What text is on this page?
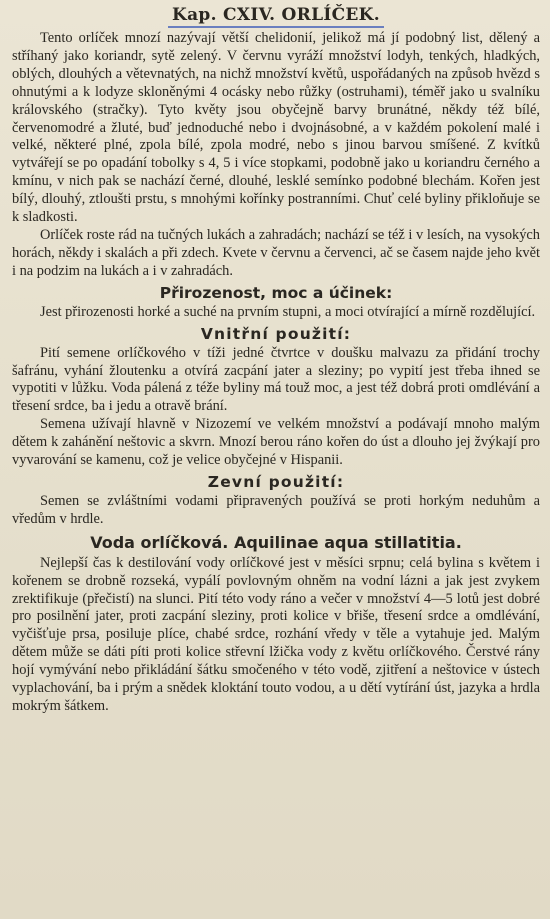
Kap. CXIV. ORLÍČEK.

Tento orlíček mnozí nazývají větší chelidonií, jelikož má jí podobný list, dělený a stříhaný jako koriandr, sytě zelený. V červnu vyráží množství lodyh, tenkých, hladkých, oblých, dlouhých a větevnatých, na nichž množství květů, uspořádaných na způsob hvězd s ohnutými a k lodyze skloněnými 4 ocásky nebo růžky (ostruhami), téměř jako u svalníku královského (stračky). Tyto květy jsou obyčejně barvy brunátné, někdy též bílé, červenomodré a žluté, buď jednoduché nebo i dvojnásobné, a v každém pokolení malé i velké, některé plné, zpola bílé, zpola modré, nebo s jinou barvou smíšené. Z kvítků vytvářejí se po opadání tobolky s 4, 5 i více stopkami, podobně jako u koriandru černého a kmínu, v nich pak se nachází černé, dlouhé, lesklé semínko podobné blechám. Kořen jest bílý, dlouhý, ztloušti prstu, s mnohými kořínky postranními. Chuť celé byliny přikloňuje se k sladkosti.

Orlíček roste rád na tučných lukách a zahradách; nachází se též i v lesích, na vysokých horách, někdy i skalách a při zdech. Kvete v červnu a červenci, ač se časem najde jeho květ i na podzim na lukách a i v zahradách.

Přirozenost, moc a účinek:

Jest přirozenosti horké a suché na prvním stupni, a moci otvírající a mírně rozdělující.

Vnitřní použití:

Pití semene orlíčkového v tíži jedné čtvrtce v doušku malvazu za přidání trochy šafránu, vyhání žloutenku a otvírá zacpání jater a sleziny; po vypití jest třeba ihned se vypotiti v lůžku. Voda pálená z téže byliny má touž moc, a jest též dobrá proti omdlévání a třesení srdce, ba i jedu a otravě brání.

Semena užívají hlavně v Nizozemí ve velkém množství a podávají mnoho malým dětem k zahánění neštovic a skvrn. Mnozí berou ráno kořen do úst a dlouho jej žvýkají pro vyvarování se kamenu, což je velice obyčejné v Hispanii.

Zevní použití:

Semen se zvláštními vodami připravených používá se proti horkým neduhům a vředům v hrdle.

Voda orlíčková. Aquilinae aqua stillatitia.

Nejlepší čas k destilování vody orlíčkové jest v měsíci srpnu; celá bylina s květem i kořenem se drobně rozseká, vypálí povlovným ohněm na vodní lázni a jak jest zvykem zrektifikuje (přečistí) na slunci. Pití této vody ráno a večer v množství 4—5 lotů jest dobré pro posilnění jater, proti zacpání sleziny, proti kolice v břiše, třesení srdce a omdlévání, vyčišťuje prsa, posiluje plíce, chabé srdce, rozhání vředy v těle a vytahuje jed. Malým dětem může se dáti píti proti kolice střevní lžička vody z květu orlíčkového. Čerstvé rány hojí vymývání nebo přikládání šátku smočeného v této vodě, zjitření a neštovice v ústech vyplachování, ba i prým a snědek kloktání touto vodou, a u dětí vytírání úst, jazyka a hrdla mokrým šátkem.
